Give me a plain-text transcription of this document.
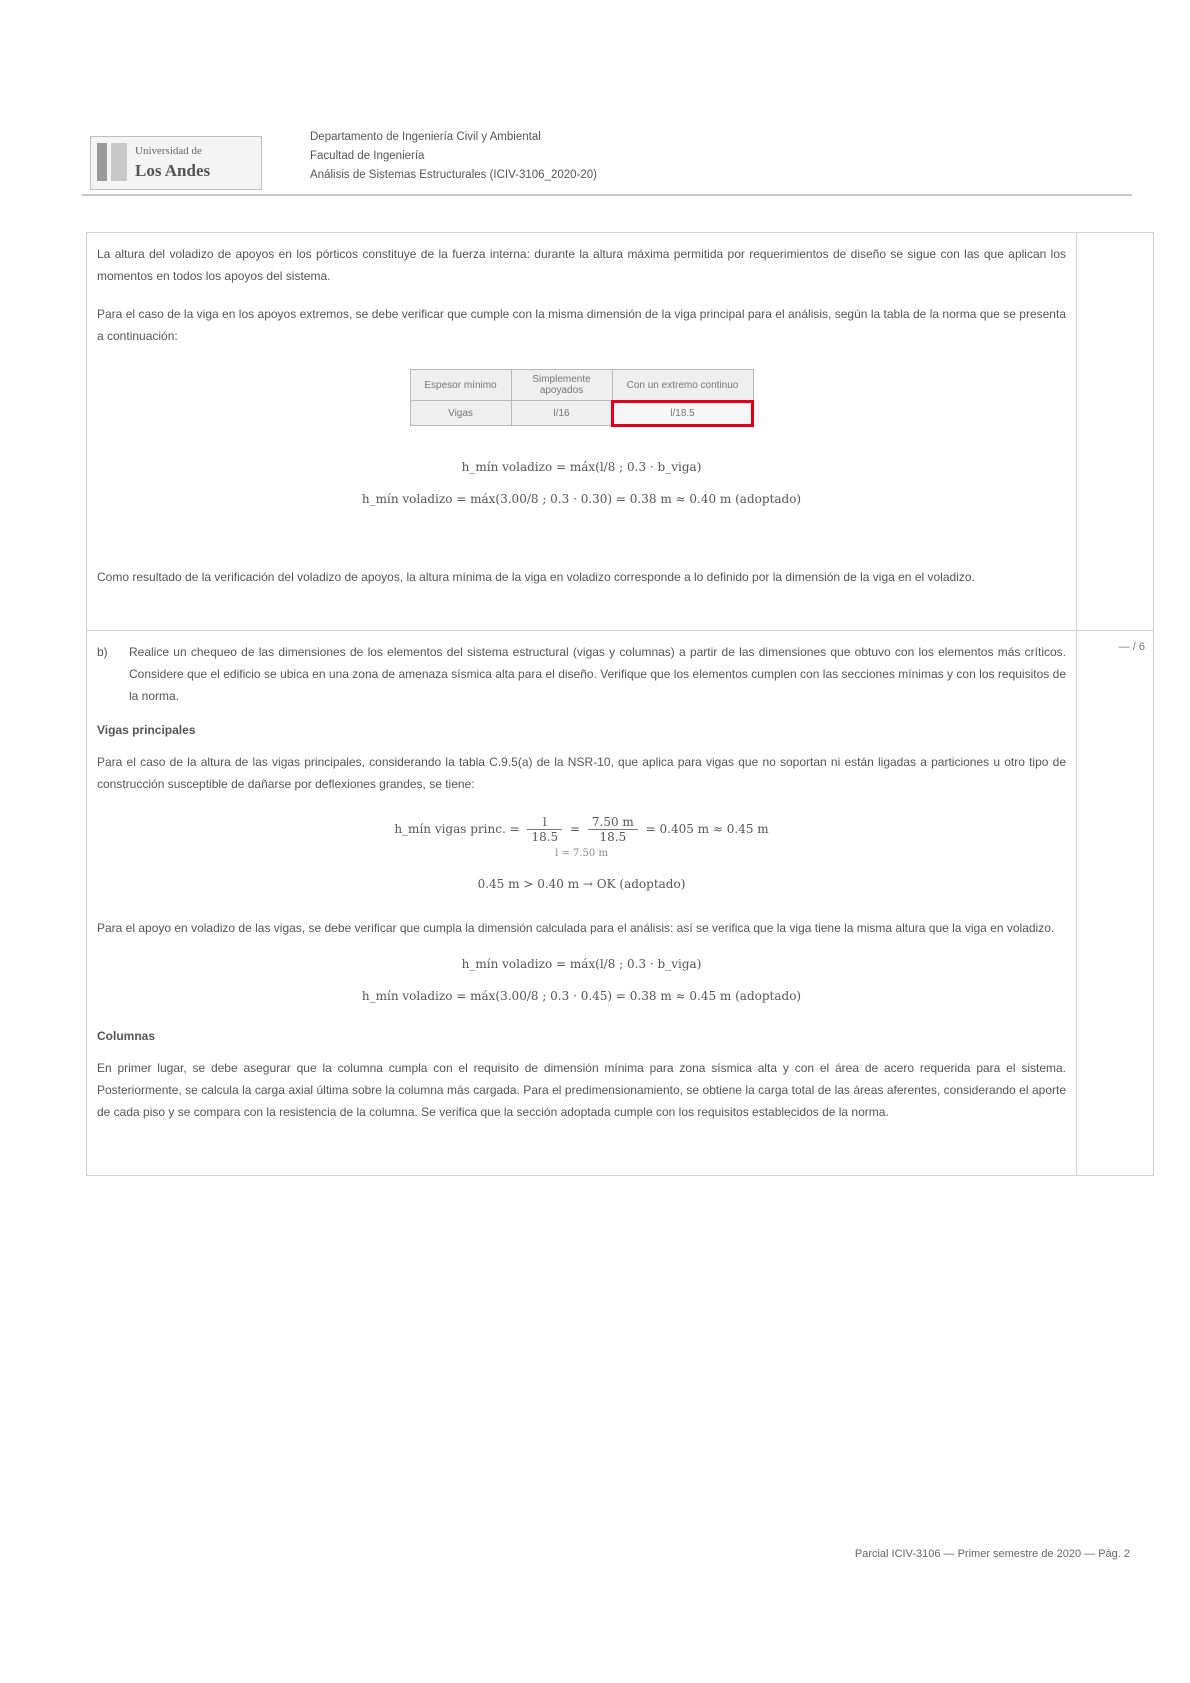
Universidad de
Los Andes
Departamento de Ingeniería Civil y Ambiental
Facultad de Ingeniería
Análisis de Sistemas Estructurales (ICIV-3106_2020-20)

La altura del voladizo de apoyos en los pórticos constituye de la fuerza interna: durante la altura máxima permitida por requerimientos de diseño se sigue con las que aplican los momentos en todos los apoyos del sistema.

Para el caso de la viga en los apoyos extremos, se debe verificar que cumple con la misma dimensión de la viga principal para el análisis, según la tabla de la norma que se presenta a continuación:

Espesor mínimo	Simplemente apoyados	Con un extremo continuo
Vigas	l/16	l/18.5
h_mín voladizo = máx(l/8 ; 0.3 · b_viga)
h_mín voladizo = máx(3.00/8 ; 0.3 · 0.30) = 0.38 m ≈ 0.40 m (adoptado)

Como resultado de la verificación del voladizo de apoyos, la altura mínima de la viga en voladizo corresponde a lo definido por la dimensión de la viga en el voladizo.

b) Realice un chequeo de las dimensiones de los elementos del sistema estructural (vigas y columnas) a partir de las dimensiones que obtuvo con los elementos más críticos. Considere que el edificio se ubica en una zona de amenaza sísmica alta para el diseño. Verifique que los elementos cumplen con las secciones mínimas y con los requisitos de la norma.

Vigas principales

Para el caso de la altura de las vigas principales, considerando la tabla C.9.5(a) de la NSR-10, que aplica para vigas que no soportan ni están ligadas a particiones u otro tipo de construcción susceptible de dañarse por deflexiones grandes, se tiene:

h_mín vigas princ. = $\frac{l}{18.5} = \frac{7.50 m}{18.5} = 0.405$ m ≈ 0.45 m
l = 7.50 m
0.45 m > 0.40 m → OK (adoptado)

Para el apoyo en voladizo de las vigas, se debe verificar que cumpla la dimensión calculada para el análisis: así se verifica que la viga tiene la misma altura que la viga en voladizo.

h_mín voladizo = máx(l/8 ; 0.3 · b_viga)
h_mín voladizo = máx(3.00/8 ; 0.3 · 0.45) = 0.38 m ≈ 0.45 m (adoptado)
Columnas

En primer lugar, se debe asegurar que la columna cumpla con el requisito de dimensión mínima para zona sísmica alta y con el área de acero requerida para el sistema. Posteriormente, se calcula la carga axial última sobre la columna más cargada. Para el predimensionamiento, se obtiene la carga total de las áreas aferentes, considerando el aporte de cada piso y se compara con la resistencia de la columna. Se verifica que la sección adoptada cumple con los requisitos establecidos de la norma.

— / 6
Parcial ICIV-3106 — Primer semestre de 2020 — Pág. 2
